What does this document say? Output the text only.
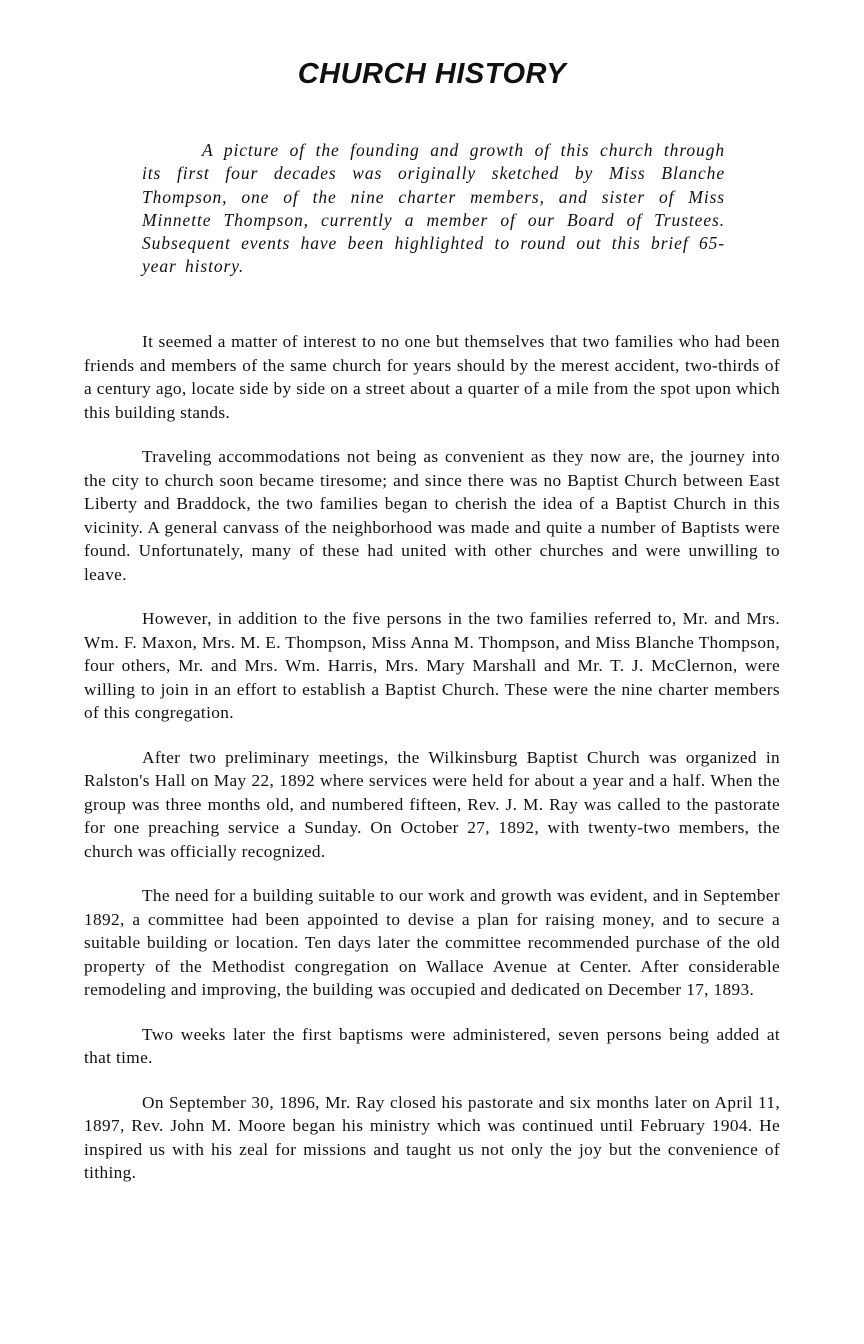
CHURCH HISTORY

A picture of the founding and growth of this church through its first four decades was originally sketched by Miss Blanche Thompson, one of the nine charter members, and sister of Miss Minnette Thompson, currently a member of our Board of Trustees. Subsequent events have been highlighted to round out this brief 65-year history.

It seemed a matter of interest to no one but themselves that two families who had been friends and members of the same church for years should by the merest accident, two-thirds of a century ago, locate side by side on a street about a quarter of a mile from the spot upon which this building stands.

Traveling accommodations not being as convenient as they now are, the journey into the city to church soon became tiresome; and since there was no Baptist Church between East Liberty and Braddock, the two families began to cherish the idea of a Baptist Church in this vicinity. A general canvass of the neighborhood was made and quite a number of Baptists were found. Unfortunately, many of these had united with other churches and were unwilling to leave.

However, in addition to the five persons in the two families referred to, Mr. and Mrs. Wm. F. Maxon, Mrs. M. E. Thompson, Miss Anna M. Thompson, and Miss Blanche Thompson, four others, Mr. and Mrs. Wm. Harris, Mrs. Mary Marshall and Mr. T. J. McClernon, were willing to join in an effort to establish a Baptist Church. These were the nine charter members of this congregation.

After two preliminary meetings, the Wilkinsburg Baptist Church was organized in Ralston's Hall on May 22, 1892 where services were held for about a year and a half. When the group was three months old, and numbered fifteen, Rev. J. M. Ray was called to the pastorate for one preaching service a Sunday. On October 27, 1892, with twenty-two members, the church was officially recognized.

The need for a building suitable to our work and growth was evident, and in September 1892, a committee had been appointed to devise a plan for raising money, and to secure a suitable building or location. Ten days later the committee recommended purchase of the old property of the Methodist congregation on Wallace Avenue at Center. After considerable remodeling and improving, the building was occupied and dedicated on December 17, 1893.

Two weeks later the first baptisms were administered, seven persons being added at that time.

On September 30, 1896, Mr. Ray closed his pastorate and six months later on April 11, 1897, Rev. John M. Moore began his ministry which was continued until February 1904. He inspired us with his zeal for missions and taught us not only the joy but the convenience of tithing.
